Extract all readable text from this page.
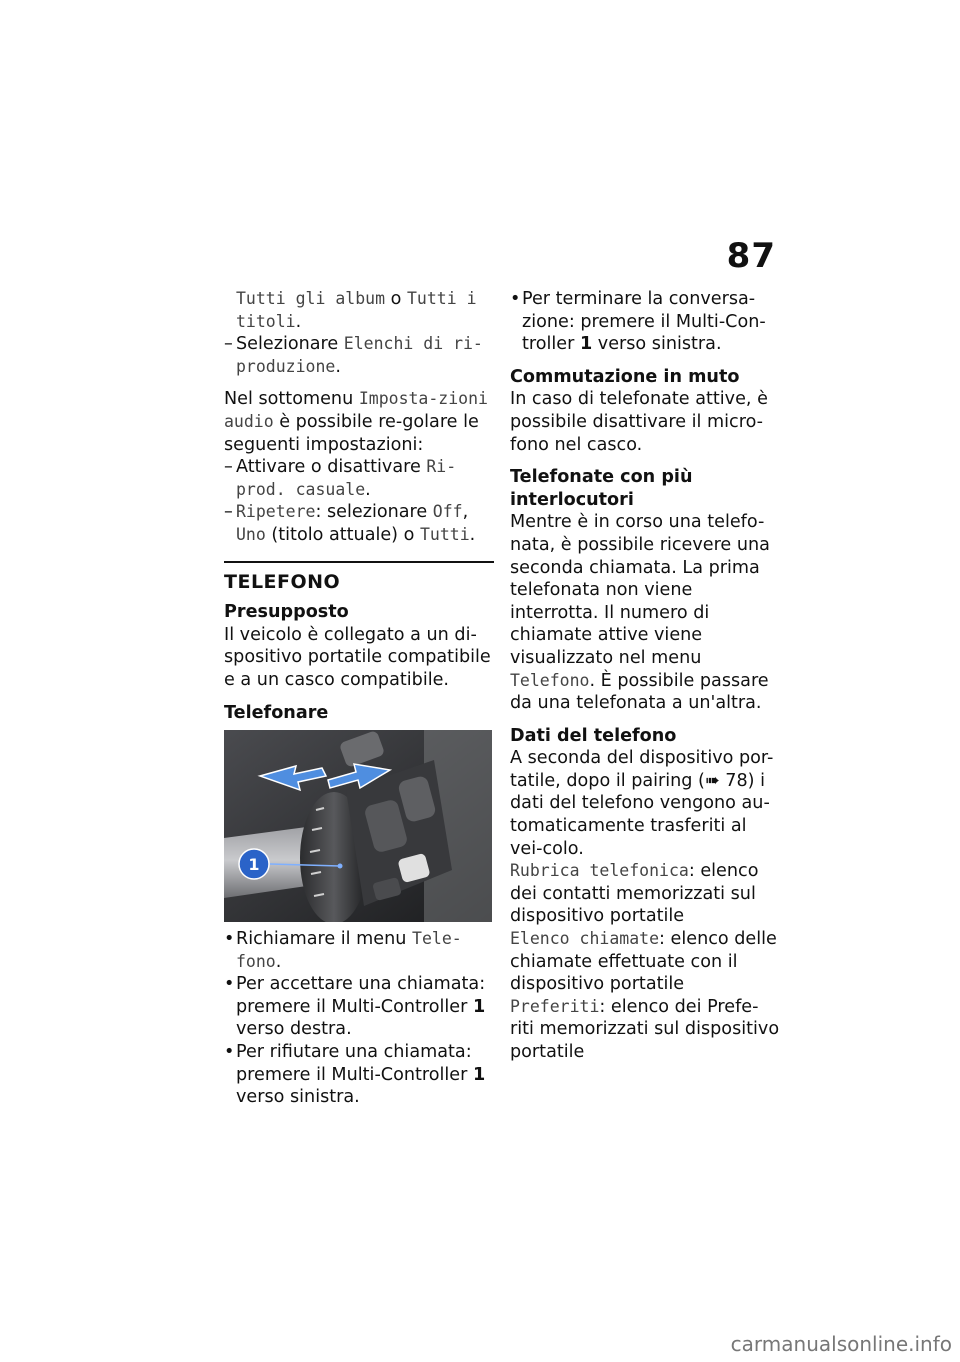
87

Tutti gli album o Tutti i titoli.

– Selezionare Elenchi di ri-produzione.

Nel sottomenu Imposta-zioni audio è possibile re-golare le seguenti impostazioni:

– Attivare o disattivare Ri-prod. casuale.

– Ripetere: selezionare Off, Uno (titolo attuale) o Tutti.

TELEFONO

Presupposto

Il veicolo è collegato a un di-spositivo portatile compatibile e a un casco compatibile.

Telefonare

1

• Richiamare il menu Tele-fono.

• Per accettare una chiamata: premere il Multi-Controller 1 verso destra.

• Per rifiutare una chiamata: premere il Multi-Controller 1 verso sinistra.

• Per terminare la conversa-zione: premere il Multi-Con-troller 1 verso sinistra.

Commutazione in muto

In caso di telefonate attive, è possibile disattivare il micro-fono nel casco.

Telefonate con più interlocutori

Mentre è in corso una telefo-nata, è possibile ricevere una seconda chiamata. La prima telefonata non viene interrotta. Il numero di chiamate attive viene visualizzato nel menu Telefono. È possibile passare da una telefonata a un'altra.

Dati del telefono

A seconda del dispositivo por-tatile, dopo il pairing (➠ 78) i dati del telefono vengono au-tomaticamente trasferiti al vei-colo.

Rubrica telefonica: elenco dei contatti memorizzati sul dispositivo portatile

Elenco chiamate: elenco delle chiamate effettuate con il dispositivo portatile

Preferiti: elenco dei Prefe-riti memorizzati sul dispositivo portatile

carmanualsonline.info
